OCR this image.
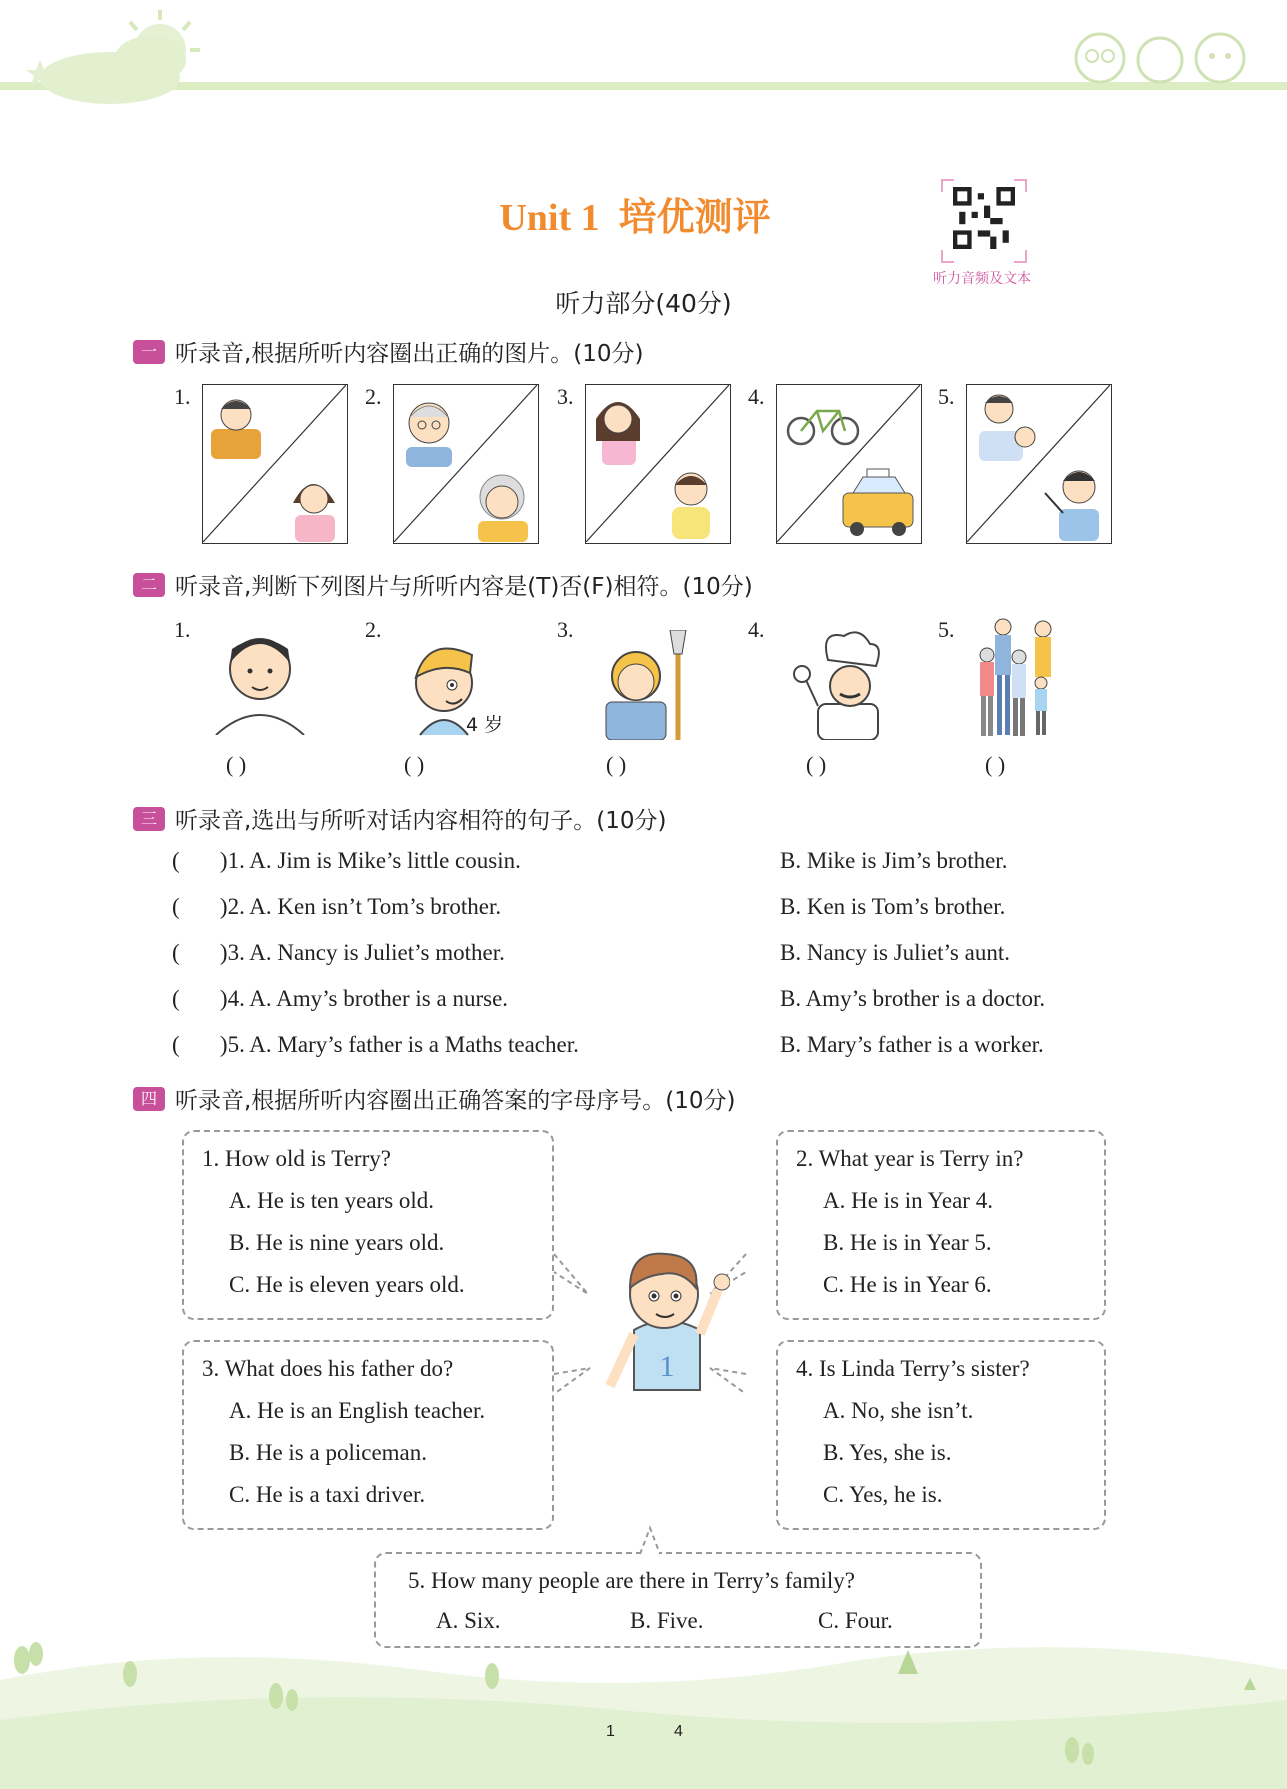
Unit 1 培优测评
听力音频及文本
听力部分(40分)
一 听录音,根据所听内容圈出正确的图片。(10分)
1.	2.	3.	4.	5.
二 听录音,判断下列图片与所听内容是(T)否(F)相符。(10分)
1.
( )
2.
4 岁
( )
3.
( )
4.
( )
5.
( )
三 听录音,选出与所听对话内容相符的句子。(10分)
(       )1. A. Jim is Mike’s little cousin.	B. Mike is Jim’s brother.
(       )2. A. Ken isn’t Tom’s brother.	B. Ken is Tom’s brother.
(       )3. A. Nancy is Juliet’s mother.	B. Nancy is Juliet’s aunt.
(       )4. A. Amy’s brother is a nurse.	B. Amy’s brother is a doctor.
(       )5. A. Mary’s father is a Maths teacher.	B. Mary’s father is a worker.
四 听录音,根据所听内容圈出正确答案的字母序号。(10分)
1. How old is Terry?
A. He is ten years old.
B. He is nine years old.
C. He is eleven years old.
2. What year is Terry in?
A. He is in Year 4.
B. He is in Year 5.
C. He is in Year 6.
3. What does his father do?
A. He is an English teacher.
B. He is a policeman.
C. He is a taxi driver.
4. Is Linda Terry’s sister?
A. No, she isn’t.
B. Yes, she is.
C. Yes, he is.
5. How many people are there in Terry’s family?
A. Six.	B. Five.	C. Four.
1
1	4
